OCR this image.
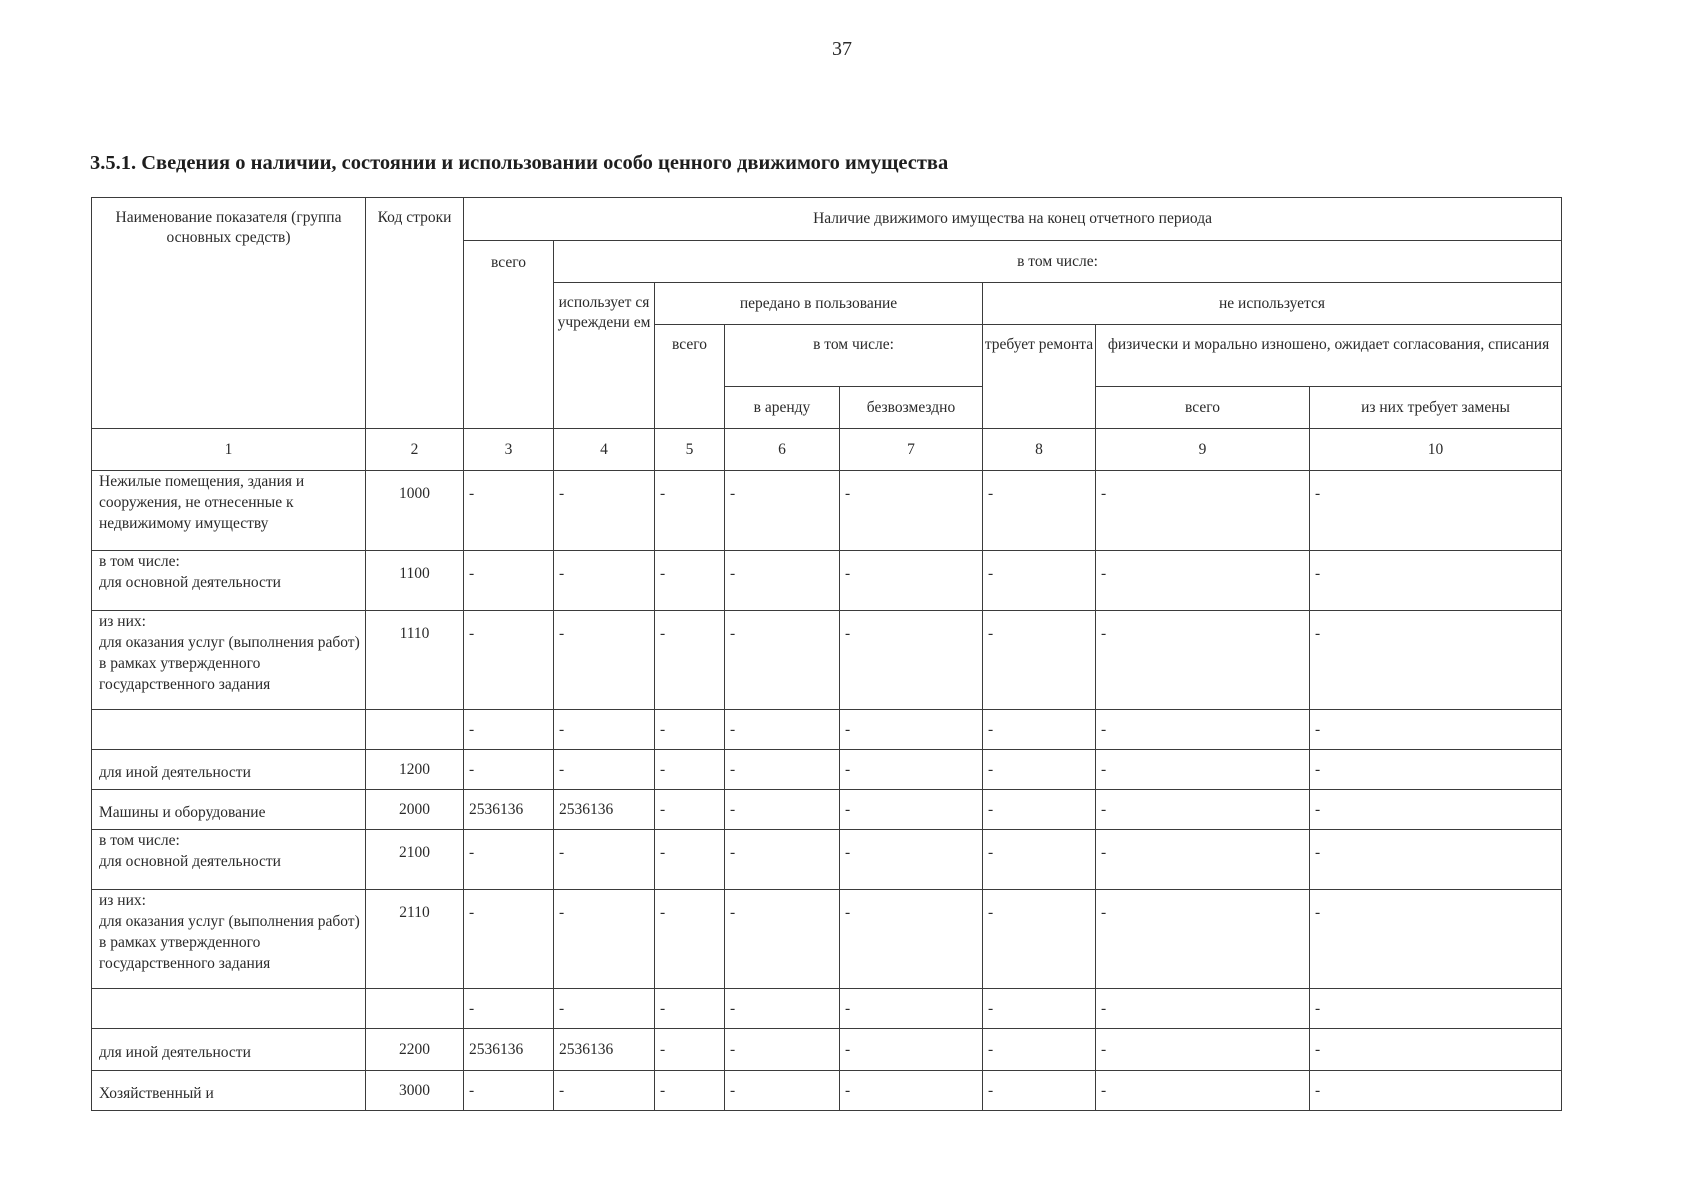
37
3.5.1. Сведения о наличии, состоянии и использовании особо ценного движимого имущества
Наименование показателя (группа основных средств)	Код строки	Наличие движимого имущества на конец отчетного периода							
		всего	в том числе:						
			использует ся учреждени ем	передано в пользование			не используется		
				всего	в том числе:		требует ремонта	физически и морально изношено, ожидает согласования, списания	
					в аренду	безвозмездно		всего	из них требует замены
1	2	3	4	5	6	7	8	9	10

Нежилые помещения, здания и сооружения, не отнесенные к недвижимому имуществу	1000	-	-	-	-	-	-	-	-

в том числе:
для основной деятельности	1100	-	-	-	-	-	-	-	-

из них:
для оказания услуг (выполнения работ) в рамках утвержденного государственного задания	1110	-	-	-	-	-	-	-	-

		-	-	-	-	-	-	-	-

для иной деятельности	1200	-	-	-	-	-	-	-	-

Машины и оборудование	2000	2536136	2536136	-	-	-	-	-	-

в том числе:
для основной деятельности	2100	-	-	-	-	-	-	-	-

из них:
для оказания услуг (выполнения работ) в рамках утвержденного государственного задания	2110	-	-	-	-	-	-	-	-

		-	-	-	-	-	-	-	-

для иной деятельности	2200	2536136	2536136	-	-	-	-	-	-

Хозяйственный и	3000	-	-	-	-	-	-	-	-
